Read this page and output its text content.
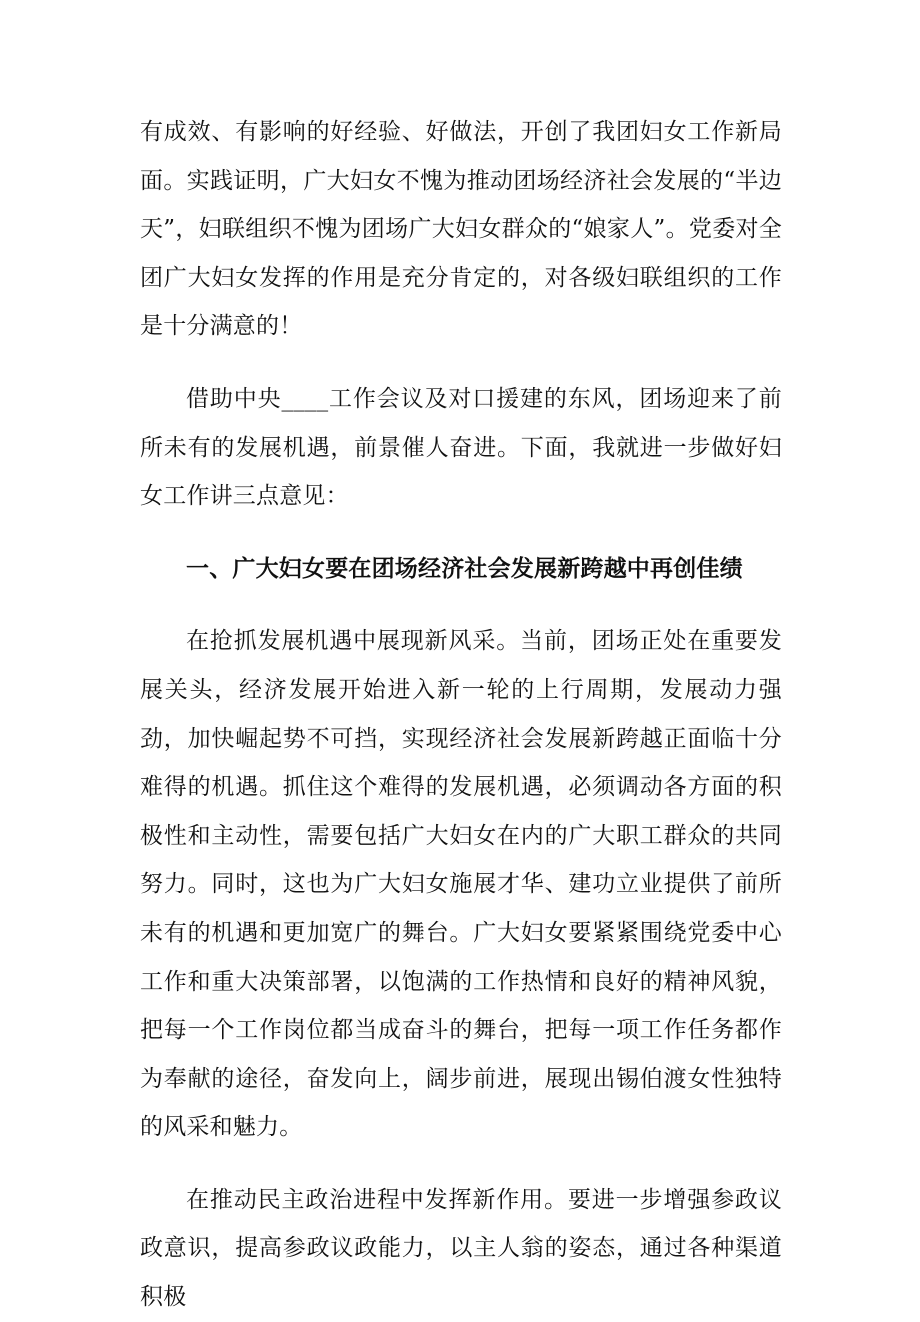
有成效、有影响的好经验、好做法，开创了我团妇女工作新局面。实践证明，广大妇女不愧为推动团场经济社会发展的“半边天”，妇联组织不愧为团场广大妇女群众的“娘家人”。党委对全团广大妇女发挥的作用是充分肯定的，对各级妇联组织的工作是十分满意的！

借助中央____工作会议及对口援建的东风，团场迎来了前所未有的发展机遇，前景催人奋进。下面，我就进一步做好妇女工作讲三点意见：

一、广大妇女要在团场经济社会发展新跨越中再创佳绩

在抢抓发展机遇中展现新风采。当前，团场正处在重要发展关头，经济发展开始进入新一轮的上行周期，发展动力强劲，加快崛起势不可挡，实现经济社会发展新跨越正面临十分难得的机遇。抓住这个难得的发展机遇，必须调动各方面的积极性和主动性，需要包括广大妇女在内的广大职工群众的共同努力。同时，这也为广大妇女施展才华、建功立业提供了前所未有的机遇和更加宽广的舞台。广大妇女要紧紧围绕党委中心工作和重大决策部署，以饱满的工作热情和良好的精神风貌，把每一个工作岗位都当成奋斗的舞台，把每一项工作任务都作为奉献的途径，奋发向上，阔步前进，展现出锡伯渡女性独特的风采和魅力。

在推动民主政治进程中发挥新作用。要进一步增强参政议政意识，提高参政议政能力，以主人翁的姿态，通过各种渠道积极
